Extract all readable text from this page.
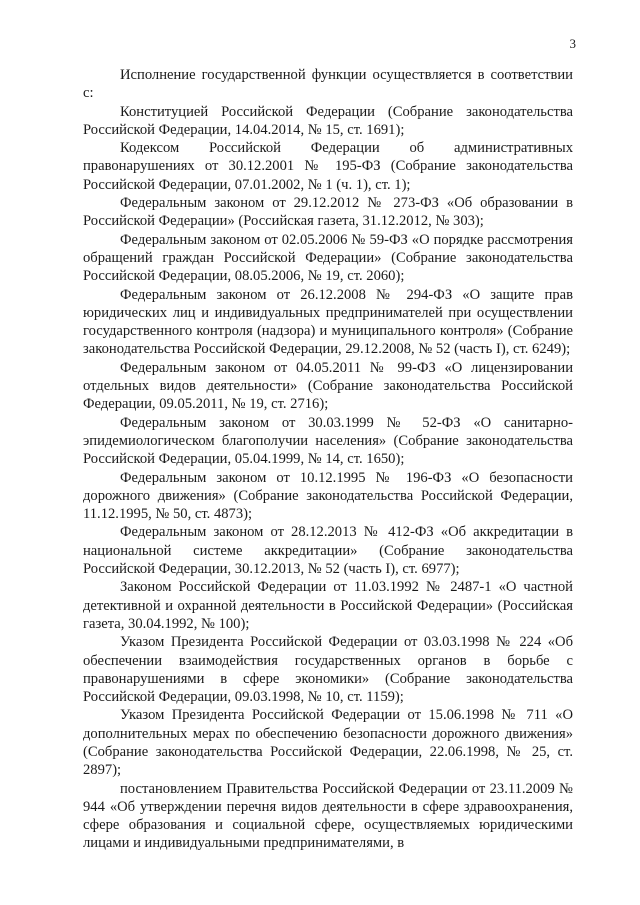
3

Исполнение государственной функции осуществляется в соответствии с:

Конституцией Российской Федерации (Собрание законодательства Российской Федерации, 14.04.2014, № 15, ст. 1691);

Кодексом Российской Федерации об административных правонарушениях от 30.12.2001 № 195-ФЗ (Собрание законодательства Российской Федерации, 07.01.2002, № 1 (ч. 1), ст. 1);

Федеральным законом от 29.12.2012 № 273-ФЗ «Об образовании в Российской Федерации» (Российская газета, 31.12.2012, № 303);

Федеральным законом от 02.05.2006 № 59-ФЗ «О порядке рассмотрения обращений граждан Российской Федерации» (Собрание законодательства Российской Федерации, 08.05.2006, № 19, ст. 2060);

Федеральным законом от 26.12.2008 № 294-ФЗ «О защите прав юридических лиц и индивидуальных предпринимателей при осуществлении государственного контроля (надзора) и муниципального контроля» (Собрание законодательства Российской Федерации, 29.12.2008, № 52 (часть I), ст. 6249);

Федеральным законом от 04.05.2011 № 99-ФЗ «О лицензировании отдельных видов деятельности» (Собрание законодательства Российской Федерации, 09.05.2011, № 19, ст. 2716);

Федеральным законом от 30.03.1999 № 52-ФЗ «О санитарно-эпидемиологическом благополучии населения» (Собрание законодательства Российской Федерации, 05.04.1999, № 14, ст. 1650);

Федеральным законом от 10.12.1995 № 196-ФЗ «О безопасности дорожного движения» (Собрание законодательства Российской Федерации, 11.12.1995, № 50, ст. 4873);

Федеральным законом от 28.12.2013 № 412-ФЗ «Об аккредитации в национальной системе аккредитации» (Собрание законодательства Российской Федерации, 30.12.2013, № 52 (часть I), ст. 6977);

Законом Российской Федерации от 11.03.1992 № 2487-1 «О частной детективной и охранной деятельности в Российской Федерации» (Российская газета, 30.04.1992, № 100);

Указом Президента Российской Федерации от 03.03.1998 № 224 «Об обеспечении взаимодействия государственных органов в борьбе с правонарушениями в сфере экономики» (Собрание законодательства Российской Федерации, 09.03.1998, № 10, ст. 1159);

Указом Президента Российской Федерации от 15.06.1998 № 711 «О дополнительных мерах по обеспечению безопасности дорожного движения» (Собрание законодательства Российской Федерации, 22.06.1998, № 25, ст. 2897);

постановлением Правительства Российской Федерации от 23.11.2009 № 944 «Об утверждении перечня видов деятельности в сфере здравоохранения, сфере образования и социальной сфере, осуществляемых юридическими лицами и индивидуальными предпринимателями, в
